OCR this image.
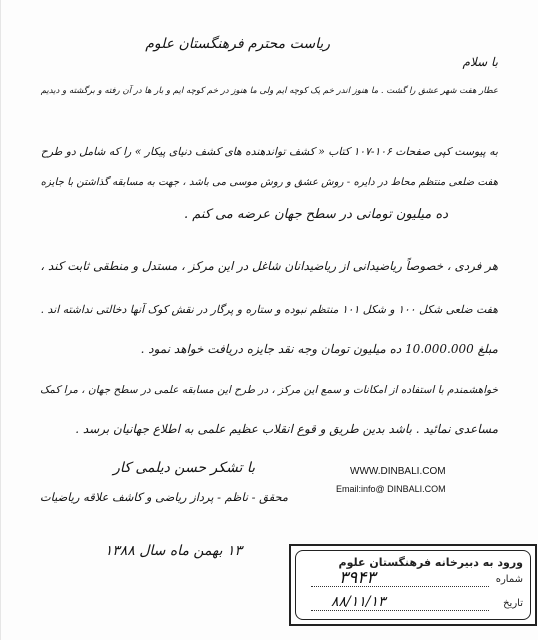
ریاست محترم فرهنگستان علوم
با سلام
عطار هفت شهر عشق را گشت . ما هنوز اندر خم یک کوچه ایم ولی ما هنوز در خم کوچه ایم و بار ها در آن رفته و برگشته و دیدیم
به پیوست کپی صفحات ۱۰۶-۱۰۷ کتاب « کشف تواندهنده های کشف دنیای پیکار » را که شامل دو طرح
هفت ضلعی منتظم محاط در دایره - روش عشق و روش موسی می باشد ، جهت به مسابقه گذاشتن با جایزه
ده میلیون تومانی در سطح جهان عرضه می کنم .
هر فردی ، خصوصاً ریاضیدانی از ریاضیدانان شاغل در این مرکز ، مستدل و منطقی ثابت کند ،
هفت ضلعی شکل ۱۰۰ و شکل ۱۰۱ منتظم نبوده و ستاره و پرگار در نقش کوک آنها دخالتی نداشته اند .
مبلغ 10.000.000 ده میلیون تومان وجه نقد جایزه دریافت خواهد نمود .
خواهشمندم با استفاده از امکانات و سمع این مرکز ، در طرح این مسابقه علمی در سطح جهان ، مرا کمک
مساعدی نمائید . باشد بدین طریق و قوع انقلاب عظیم علمی به اطلاع جهانیان برسد .
با تشکر حسن دیلمی کار
محقق - ناظم - پرداز ریاضی و کاشف علاقه ریاضیات
۱۳ بهمن ماه سال ۱۳۸۸
WWW.DINBALI.COM
Email:info@ DINBALI.COM
ورود به دبیرخانه فرهنگستان علوم
شماره
۳۹۴۳
تاریخ
۸۸/۱۱/۱۳
